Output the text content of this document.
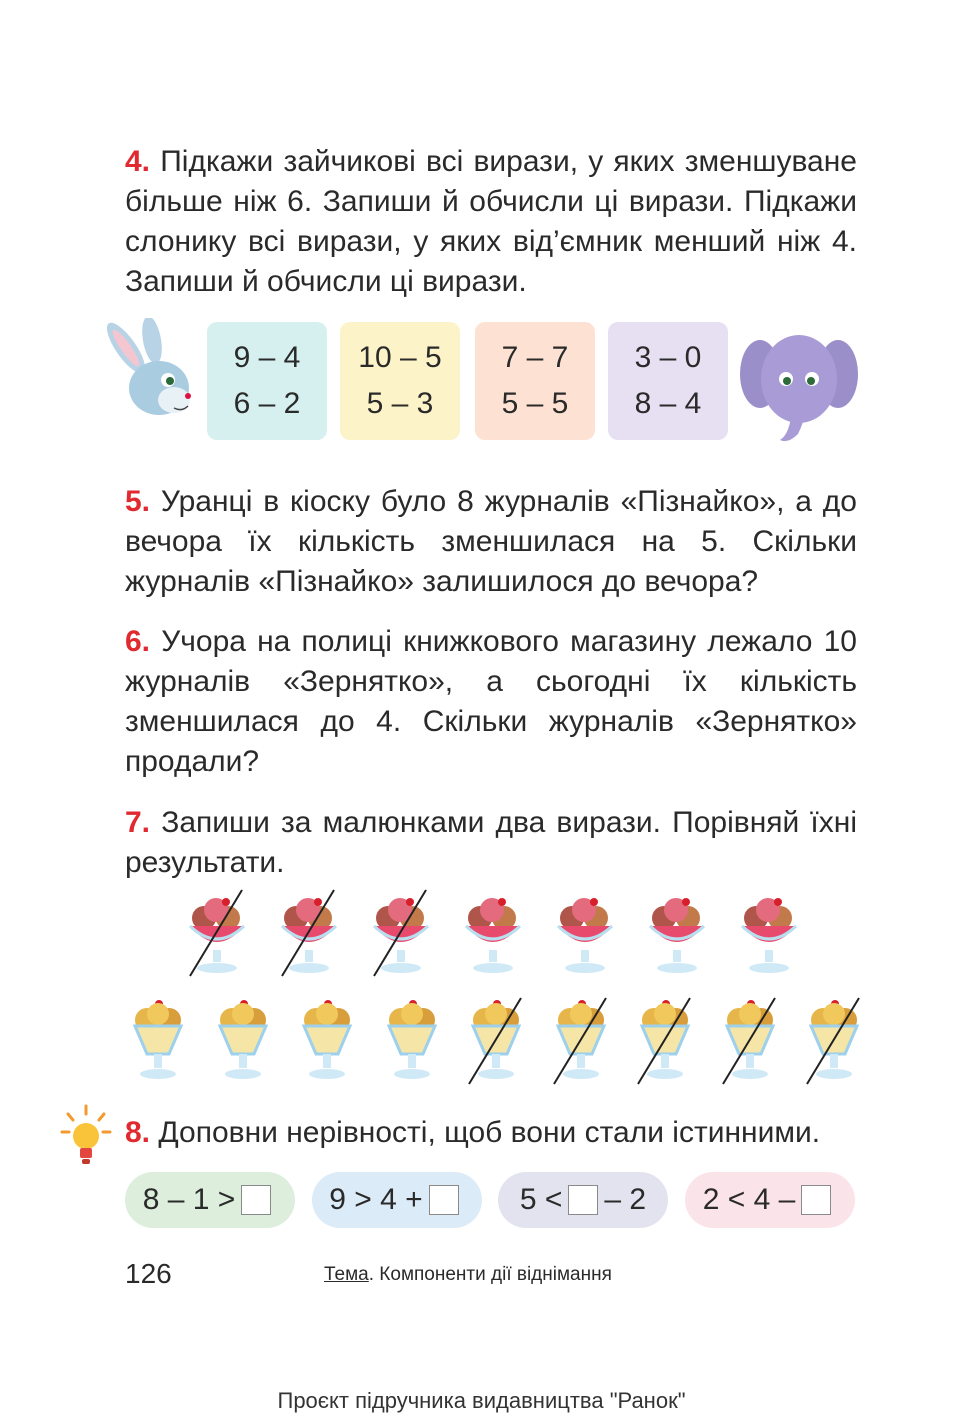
4. Підкажи зайчикові всі вирази, у яких зменшуване більше ніж 6. Запиши й обчисли ці вирази. Підкажи слонику всі вирази, у яких від’ємник менший ніж 4. Запиши й обчисли ці вирази.
9 – 4
6 – 2
10 – 5
5 – 3
7 – 7
5 – 5
3 – 0
8 – 4
5. Уранці в кіоску було 8 журналів «Пізнайко», а до вечора їх кількість зменшилася на 5. Скільки журналів «Пізнайко» залишилося до вечора?
6. Учора на полиці книжкового магазину лежало 10 журналів «Зернятко», а сьогодні їх кількість зменшилася до 4. Скільки журналів «Зернятко» продали?
7. Запиши за малюнками два вирази. Порівняй їхні результати.
8. Доповни нерівності, щоб вони стали істинними.
8 – 1 >	9 > 4 +	5 < – 2 2 < 4 –
126	Тема. Компоненти дії віднімання
Проєкт підручника видавництва "Ранок"
